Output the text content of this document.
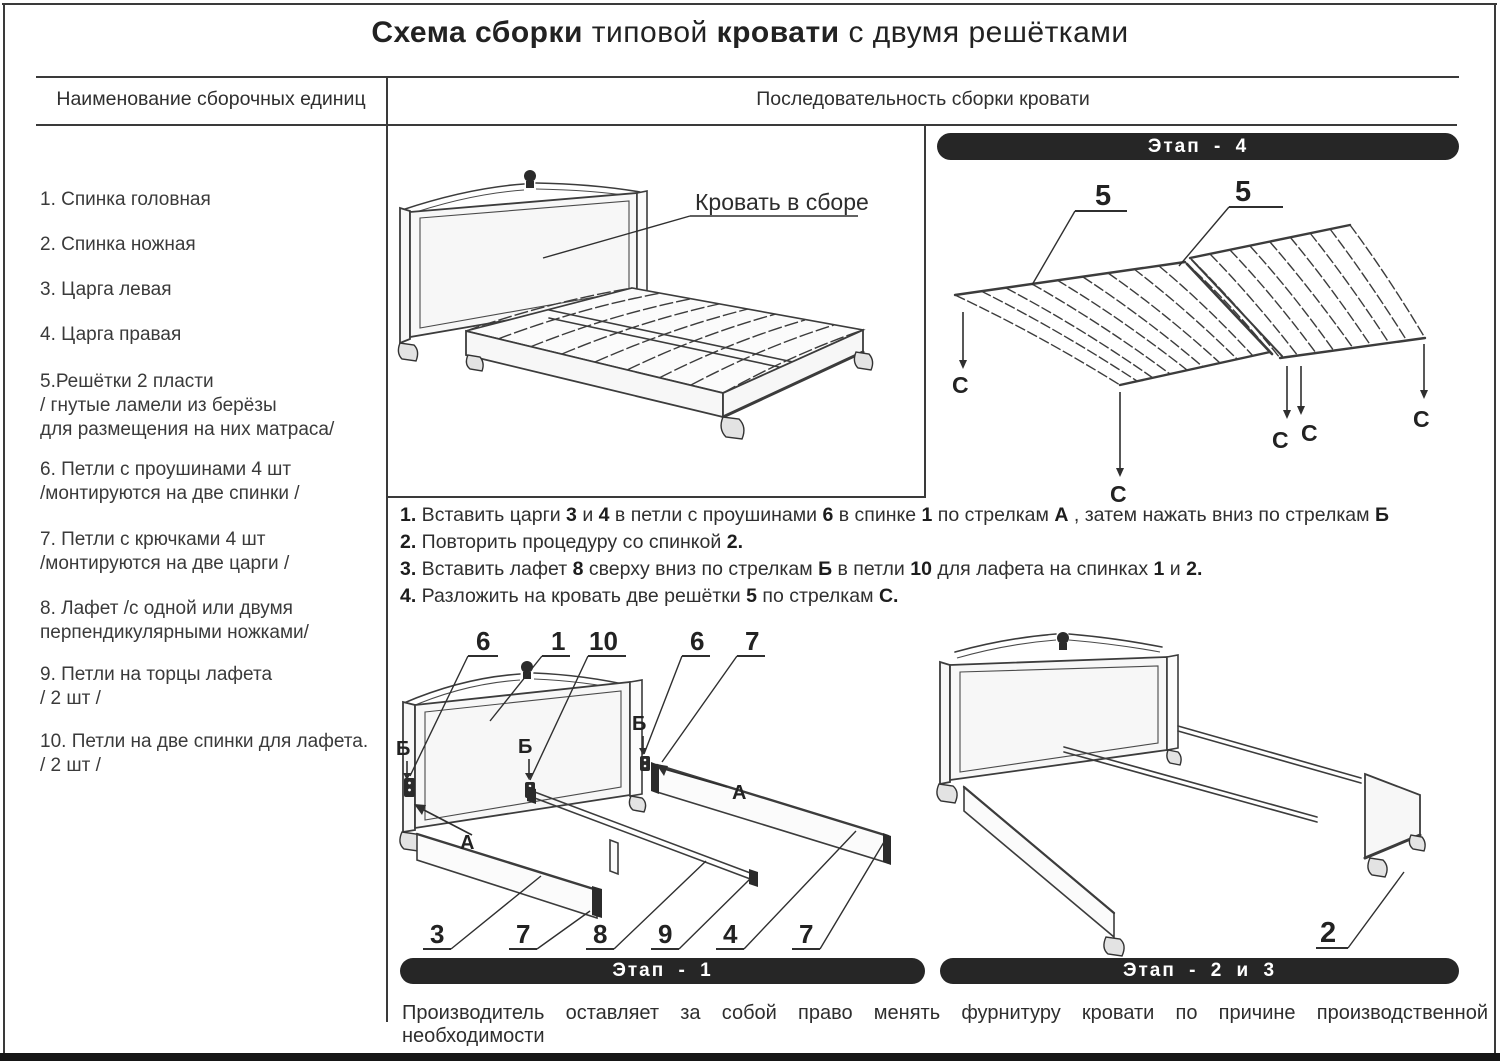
Схема сборки типовой кровати с двумя решётками
Наименование сборочных единиц	Последовательность сборки кровати
1. Спинка головная
2. Спинка ножная
3. Царга левая
4. Царга правая
5.Решётки 2 пласти
/ гнутые ламели из берёзы
для размещения на них матраса/
6. Петли с проушинами 4 шт
/монтируются на две спинки /
7. Петли с крючками 4 шт
/монтируются на две царги /
8. Лафет /с одной или двумя
перпендикулярными ножками/
9. Петли на торцы лафета
/ 2 шт /
10. Петли на две спинки для лафета.
/ 2 шт /
1. Вставить царги 3 и 4 в петли с проушинами 6 в спинке 1 по стрелкам А , затем нажать вниз по стрелкам Б
2. Повторить процедуру со спинкой 2.
3. Вставить лафет 8 сверху вниз по стрелкам Б в петли 10 для лафета на спинках 1 и 2.
4. Разложить на кровать две решётки 5 по стрелкам С.
Этап - 4
Этап - 1	Этап - 2 и 3
Производитель оставляет за собой право менять фурнитуру кровати по причине производственной необходимости
Кровать в сборе	5	5
С
С
С С
С
А
А
Б	Б
Б
6 1 10	6 7
3	7 8 9 4 7	2
